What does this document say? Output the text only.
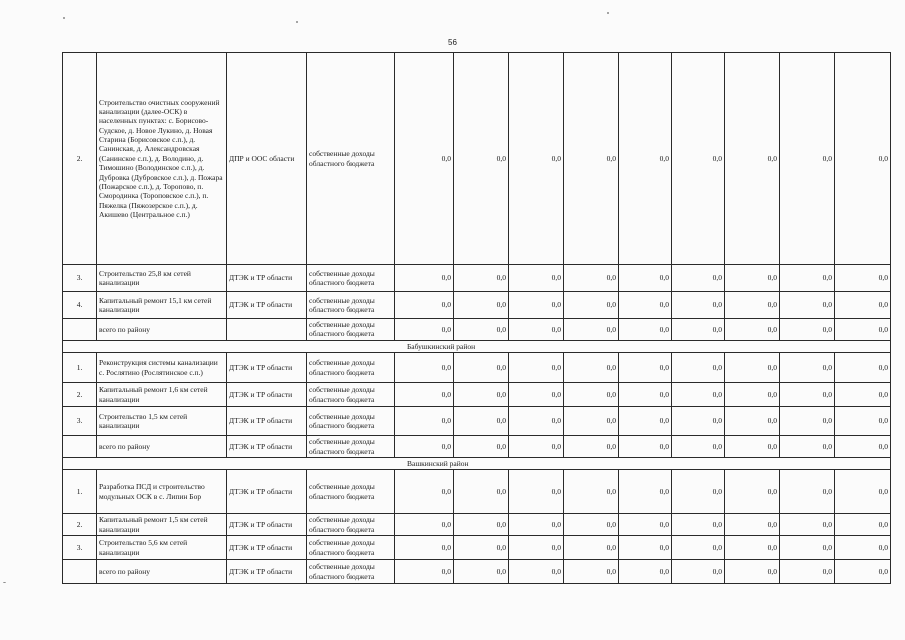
56
2.	Строительство очистных сооружений канализации (далее-ОСК) в населенных пунктах: с. Борисово-Судское, д. Новое Лукино, д. Новая Старина (Борисовское с.п.), д. Санинская, д. Александровская (Санинское с.п.), д. Володино, д. Тимошино (Володинское с.п.), д. Дубровка (Дубровское с.п.), д. Пожара (Пожарское с.п.), д. Торопово, п. Смородинка (Тороповское с.п.), п. Пяжелка (Пяжозерское с.п.), д. Акишево (Центральное с.п.)	ДПР и ООС области	собственные доходы областного бюджета	0,0	0,0	0,0	0,0	0,0	0,0	0,0	0,0	0,0
3.	Строительство 25,8 км сетей канализации	ДТЭК и ТР области	собственные доходы областного бюджета	0,0	0,0	0,0	0,0	0,0	0,0	0,0	0,0	0,0
4.	Капитальный ремонт 15,1 км сетей канализации	ДТЭК и ТР области	собственные доходы областного бюджета	0,0	0,0	0,0	0,0	0,0	0,0	0,0	0,0	0,0
	всего по району		собственные доходы областного бюджета	0,0	0,0	0,0	0,0	0,0	0,0	0,0	0,0	0,0
				Бабушкинский район								
1.	Реконструкция системы канализации с. Рослятино (Рослятинское с.п.)	ДТЭК и ТР области	собственные доходы областного бюджета	0,0	0,0	0,0	0,0	0,0	0,0	0,0	0,0	0,0
2.	Капитальный ремонт 1,6 км сетей канализации	ДТЭК и ТР области	собственные доходы областного бюджета	0,0	0,0	0,0	0,0	0,0	0,0	0,0	0,0	0,0
3.	Строительство 1,5 км сетей канализации	ДТЭК и ТР области	собственные доходы областного бюджета	0,0	0,0	0,0	0,0	0,0	0,0	0,0	0,0	0,0
	всего по району	ДТЭК и ТР области	собственные доходы областного бюджета	0,0	0,0	0,0	0,0	0,0	0,0	0,0	0,0	0,0
				Вашкинский район								
1.	Разработка ПСД и строительство модульных ОСК в с. Липин Бор	ДТЭК и ТР области	собственные доходы областного бюджета	0,0	0,0	0,0	0,0	0,0	0,0	0,0	0,0	0,0
2.	Капитальный ремонт 1,5 км сетей канализации	ДТЭК и ТР области	собственные доходы областного бюджета	0,0	0,0	0,0	0,0	0,0	0,0	0,0	0,0	0,0
3.	Строительство 5,6 км сетей канализации	ДТЭК и ТР области	собственные доходы областного бюджета	0,0	0,0	0,0	0,0	0,0	0,0	0,0	0,0	0,0
	всего по району	ДТЭК и ТР области	собственные доходы областного бюджета	0,0	0,0	0,0	0,0	0,0	0,0	0,0	0,0	0,0
